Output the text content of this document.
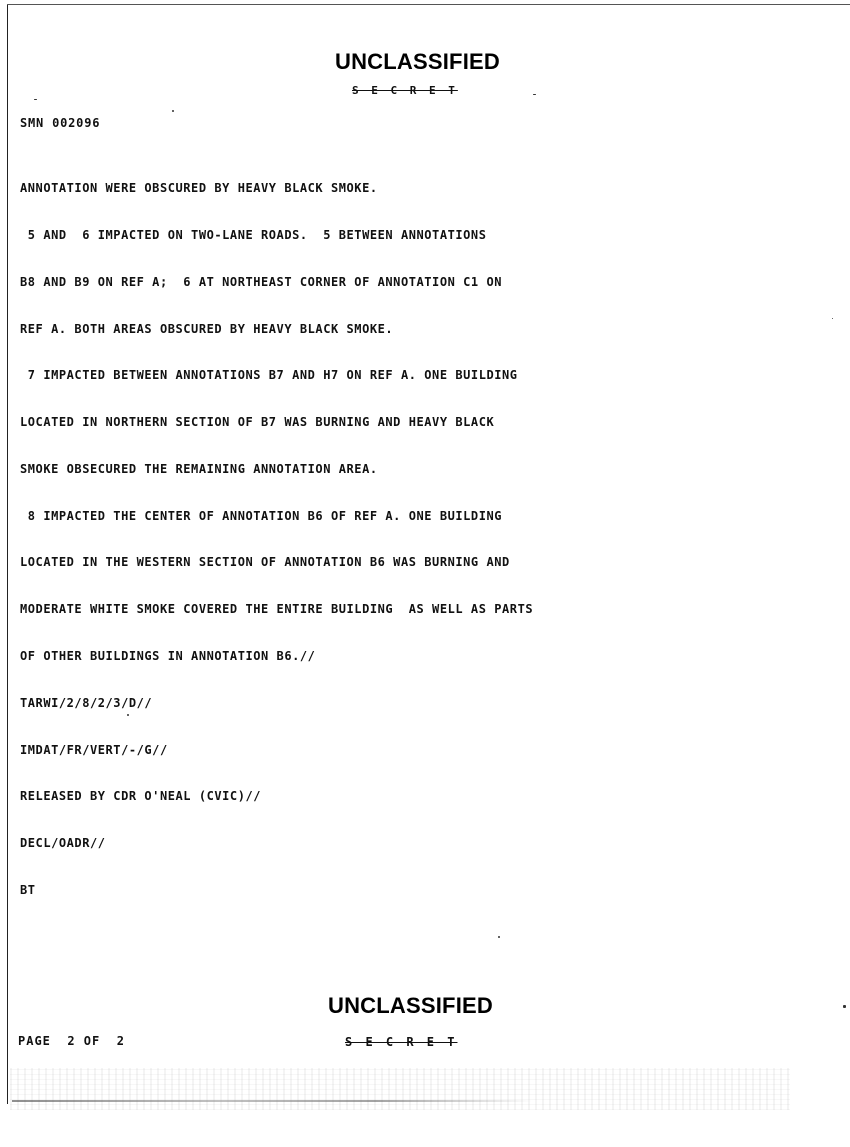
UNCLASSIFIED
S E C R E T
SMN 002096

ANNOTATION WERE OBSCURED BY HEAVY BLACK SMOKE.

5 AND  6 IMPACTED ON TWO-LANE ROADS.  5 BETWEEN ANNOTATIONS

B8 AND B9 ON REF A;  6 AT NORTHEAST CORNER OF ANNOTATION C1 ON

REF A. BOTH AREAS OBSCURED BY HEAVY BLACK SMOKE.

7 IMPACTED BETWEEN ANNOTATIONS B7 AND H7 ON REF A. ONE BUILDING

LOCATED IN NORTHERN SECTION OF B7 WAS BURNING AND HEAVY BLACK

SMOKE OBSECURED THE REMAINING ANNOTATION AREA.

8 IMPACTED THE CENTER OF ANNOTATION B6 OF REF A. ONE BUILDING

LOCATED IN THE WESTERN SECTION OF ANNOTATION B6 WAS BURNING AND

MODERATE WHITE SMOKE COVERED THE ENTIRE BUILDING  AS WELL AS PARTS

OF OTHER BUILDINGS IN ANNOTATION B6.//

TARWI/2/8/2/3/D//

IMDAT/FR/VERT/-/G//

RELEASED BY CDR O'NEAL (CVIC)//

DECL/OADR//

BT

UNCLASSIFIED
PAGE  2 OF  2	S E C R E T
